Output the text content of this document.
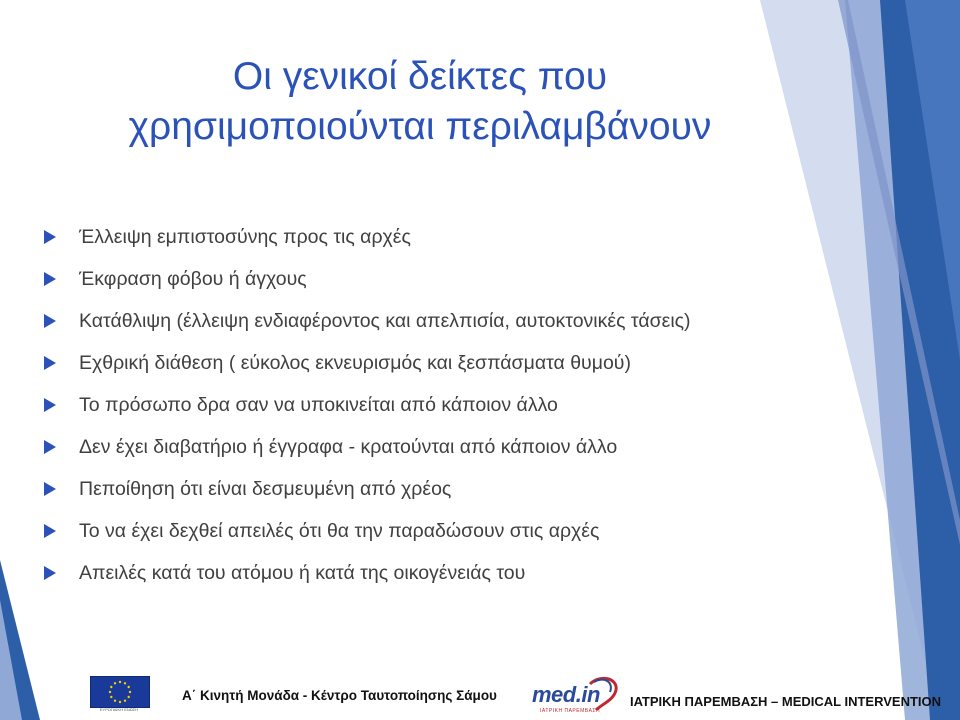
Οι γενικοί δείκτες που
χρησιμοποιούνται περιλαμβάνουν
Έλλειψη εμπιστοσύνης προς τις αρχές
Έκφραση φόβου ή άγχους
Κατάθλιψη (έλλειψη ενδιαφέροντος και απελπισία, αυτοκτονικές τάσεις)
Εχθρική διάθεση ( εύκολος εκνευρισμός και ξεσπάσματα θυμού)
Το πρόσωπο δρα σαν να υποκινείται από κάποιον άλλο
Δεν έχει διαβατήριο ή έγγραφα - κρατούνται από κάποιον άλλο
Πεποίθηση ότι είναι δεσμευμένη από χρέος
Το να έχει δεχθεί απειλές ότι θα την παραδώσουν στις αρχές
Απειλές κατά του ατόμου ή κατά της οικογένειάς του
ΕΥΡΩΠΑΪΚΗ ΕΝΩΣΗ
Α΄ Κινητή Μονάδα - Κέντρο Ταυτοποίησης Σάμου med.in
ΙΑΤΡΙΚΗ ΠΑΡΕΜΒΑΣΗ
ΙΑΤΡΙΚΗ ΠΑΡΕΜΒΑΣΗ – MEDICAL INTERVENTION
